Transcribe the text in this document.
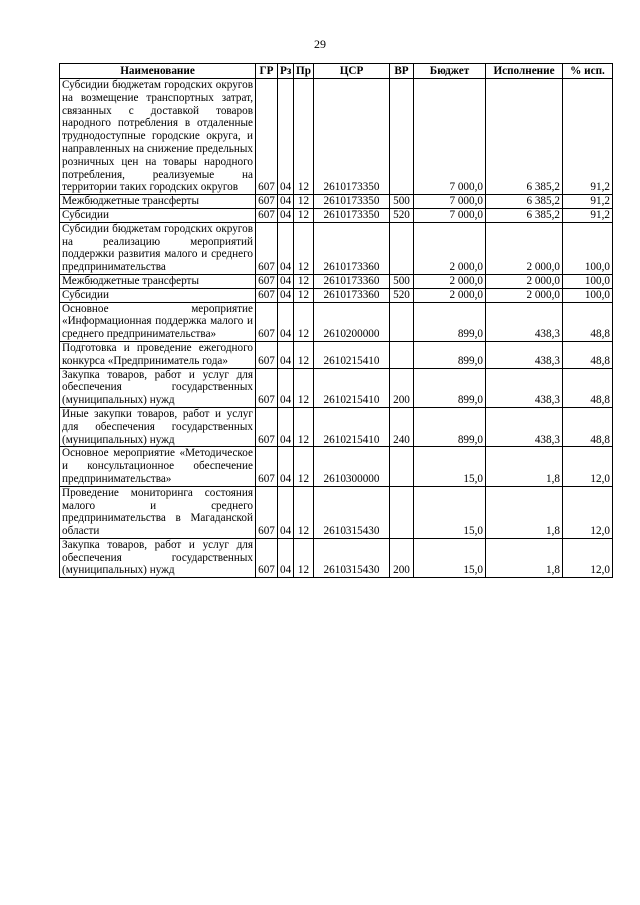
29
Наименование	ГР	Рз	Пр	ЦСР	ВР	Бюджет	Исполнение	% исп.
Субсидии бюджетам городских округов на возмещение транспортных затрат, связанных с доставкой товаров народного потребления в отдаленные труднодоступные городские округа, и направленных на снижение предельных розничных цен на товары народного потребления, реализуемые на территории таких городских округов	607	04	12	2610173350		7 000,0	6 385,2	91,2
Межбюджетные трансферты	607	04	12	2610173350	500	7 000,0	6 385,2	91,2
Субсидии	607	04	12	2610173350	520	7 000,0	6 385,2	91,2
Субсидии бюджетам городских округов на реализацию мероприятий поддержки развития малого и среднего предпринимательства	607	04	12	2610173360		2 000,0	2 000,0	100,0
Межбюджетные трансферты	607	04	12	2610173360	500	2 000,0	2 000,0	100,0
Субсидии	607	04	12	2610173360	520	2 000,0	2 000,0	100,0
Основное мероприятие «Информационная поддержка малого и среднего предпринимательства»	607	04	12	2610200000		899,0	438,3	48,8
Подготовка и проведение ежегодного конкурса «Предприниматель года»	607	04	12	2610215410		899,0	438,3	48,8
Закупка товаров, работ и услуг для обеспечения государственных (муниципальных) нужд	607	04	12	2610215410	200	899,0	438,3	48,8
Иные закупки товаров, работ и услуг для обеспечения государственных (муниципальных) нужд	607	04	12	2610215410	240	899,0	438,3	48,8
Основное мероприятие «Методическое и консультационное обеспечение предпринимательства»	607	04	12	2610300000		15,0	1,8	12,0
Проведение мониторинга состояния малого и среднего предпринимательства в Магаданской области	607	04	12	2610315430		15,0	1,8	12,0
Закупка товаров, работ и услуг для обеспечения государственных (муниципальных) нужд	607	04	12	2610315430	200	15,0	1,8	12,0
